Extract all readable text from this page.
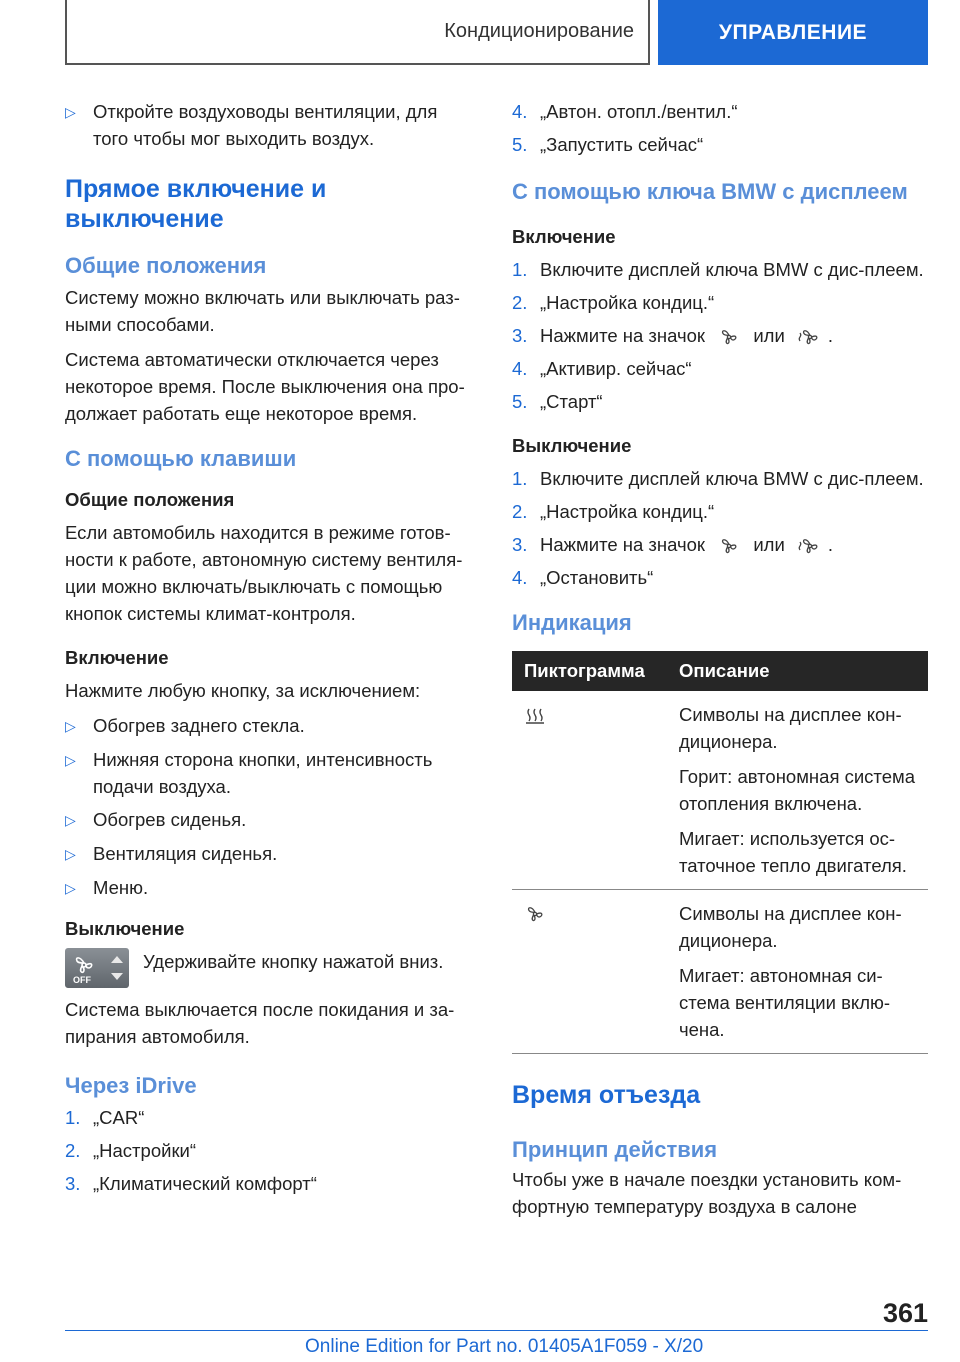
Кондиционирование	УПРАВЛЕНИЕ
▷ Откройте воздуховоды вентиляции, для того чтобы мог выходить воздух.
Прямое включение и выключение
Общие положения
Систему можно включать или выключать раз-ными способами.
Система автоматически отключается через некоторое время. После выключения она про-должает работать еще некоторое время.
С помощью клавиши
Общие положения
Если автомобиль находится в режиме готов-ности к работе, автономную систему вентиля-ции можно включать/выключать с помощью кнопок системы климат-контроля.
Включение
Нажмите любую кнопку, за исключением:
▷ Обогрев заднего стекла.
▷ Нижняя сторона кнопки, интенсивность подачи воздуха.
▷ Обогрев сиденья.
▷ Вентиляция сиденья.
▷ Меню.
Выключение
OFF
Удерживайте кнопку нажатой вниз.
Система выключается после покидания и за-пирания автомобиля.
Через iDrive
1. „CAR“
2. „Настройки“
3. „Климатический комфорт“
4. „Автон. отопл./вентил.“
5. „Запустить сейчас“
С помощью ключа BMW с дисплеем
Включение
1. Включите дисплей ключа BMW с дис-плеем.
2. „Настройка кондиц.“
3. Нажмите на значок	или .
4. „Активир. сейчас“
5. „Старт“
Выключение
1. Включите дисплей ключа BMW с дис-плеем.
2. „Настройка кондиц.“
3. Нажмите на значок	или .
4. „Остановить“
Индикация
Пиктограмма	Описание

Символы на дисплее кон-диционера.
Горит: автономная система отопления включена.
Мигает: используется ос-таточное тепло двигателя.

Символы на дисплее кон-диционера.
Мигает: автономная си-стема вентиляции вклю-чена.
Время отъезда
Принцип действия
Чтобы уже в начале поездки установить ком-фортную температуру воздуха в салоне
361
Online Edition for Part no. 01405A1F059 - X/20
